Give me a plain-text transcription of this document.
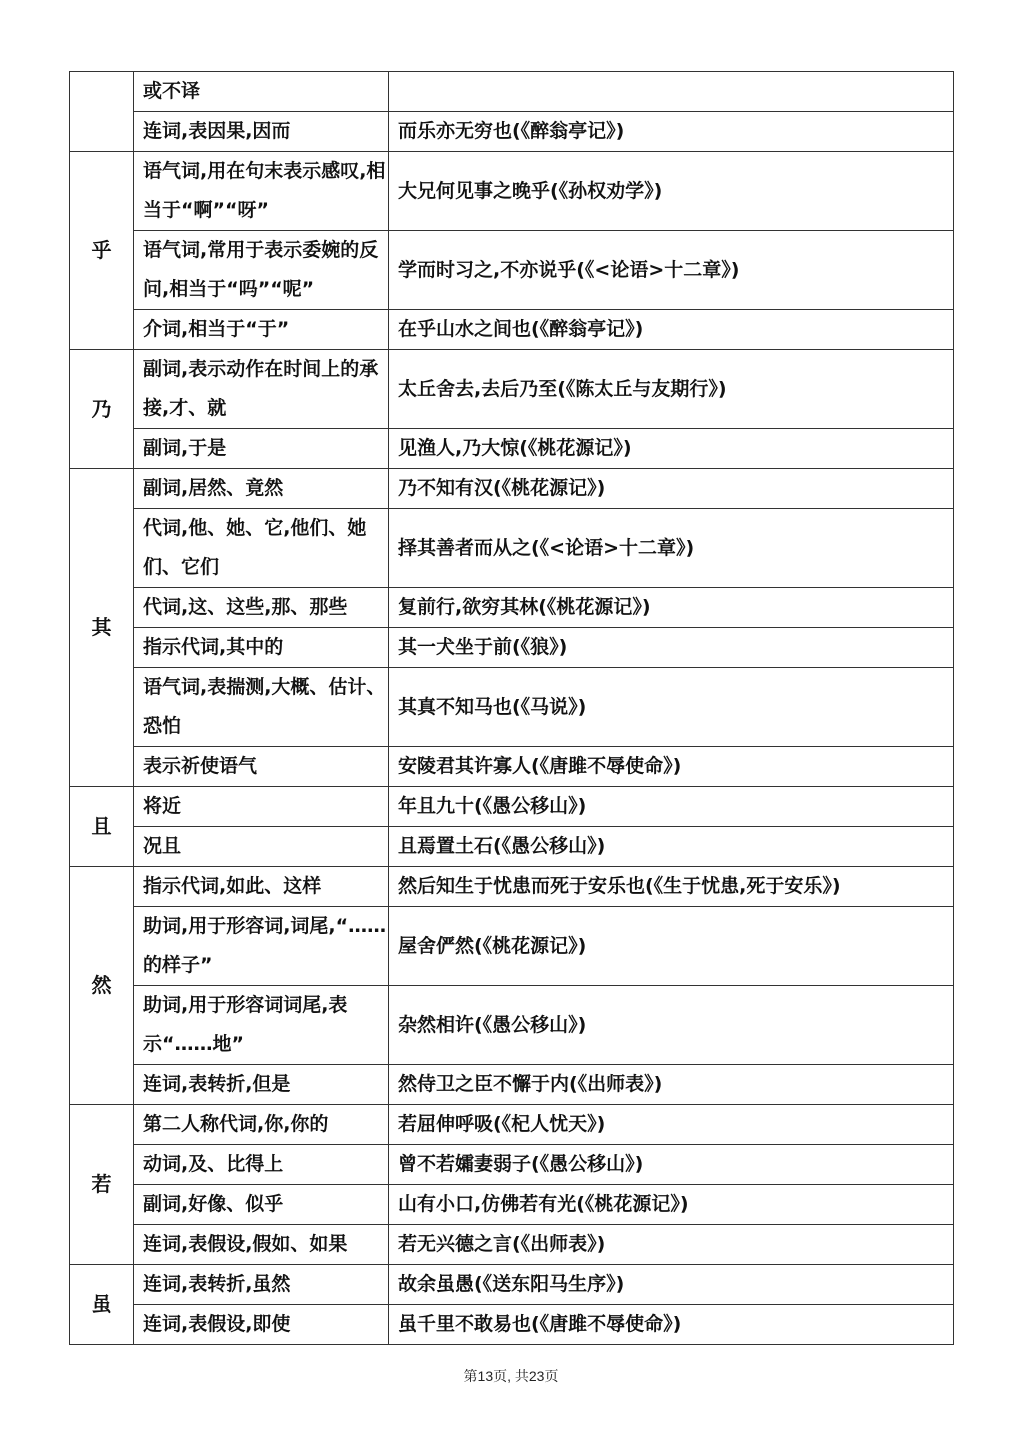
	或不译	
	连词,表因果,因而	而乐亦无穷也(《醉翁亭记》)
乎	语气词,用在句末表示感叹,相当于“啊”“呀”	大兄何见事之晚乎(《孙权劝学》)
	语气词,常用于表示委婉的反问,相当于“吗”“呢”	学而时习之,不亦说乎(《<论语>十二章》)
	介词,相当于“于”	在乎山水之间也(《醉翁亭记》)
乃	副词,表示动作在时间上的承接,才、就	太丘舍去,去后乃至(《陈太丘与友期行》)
	副词,于是	见渔人,乃大惊(《桃花源记》)
其	副词,居然、竟然	乃不知有汉(《桃花源记》)
	代词,他、她、它,他们、她们、它们	择其善者而从之(《<论语>十二章》)
	代词,这、这些,那、那些	复前行,欲穷其林(《桃花源记》)
	指示代词,其中的	其一犬坐于前(《狼》)
	语气词,表揣测,大概、估计、恐怕	其真不知马也(《马说》)
	表示祈使语气	安陵君其许寡人(《唐雎不辱使命》)
且	将近	年且九十(《愚公移山》)
	况且	且焉置土石(《愚公移山》)
然	指示代词,如此、这样	然后知生于忧患而死于安乐也(《生于忧患,死于安乐》)
	助词,用于形容词,词尾,“……的样子”	屋舍俨然(《桃花源记》)
	助词,用于形容词词尾,表示“……地”	杂然相许(《愚公移山》)
	连词,表转折,但是	然侍卫之臣不懈于内(《出师表》)
若	第二人称代词,你,你的	若屈伸呼吸(《杞人忧天》)
	动词,及、比得上	曾不若孀妻弱子(《愚公移山》)
	副词,好像、似乎	山有小口,仿佛若有光(《桃花源记》)
	连词,表假设,假如、如果	若无兴德之言(《出师表》)
虽	连词,表转折,虽然	故余虽愚(《送东阳马生序》)
	连词,表假设,即使	虽千里不敢易也(《唐雎不辱使命》)
第13页, 共23页
